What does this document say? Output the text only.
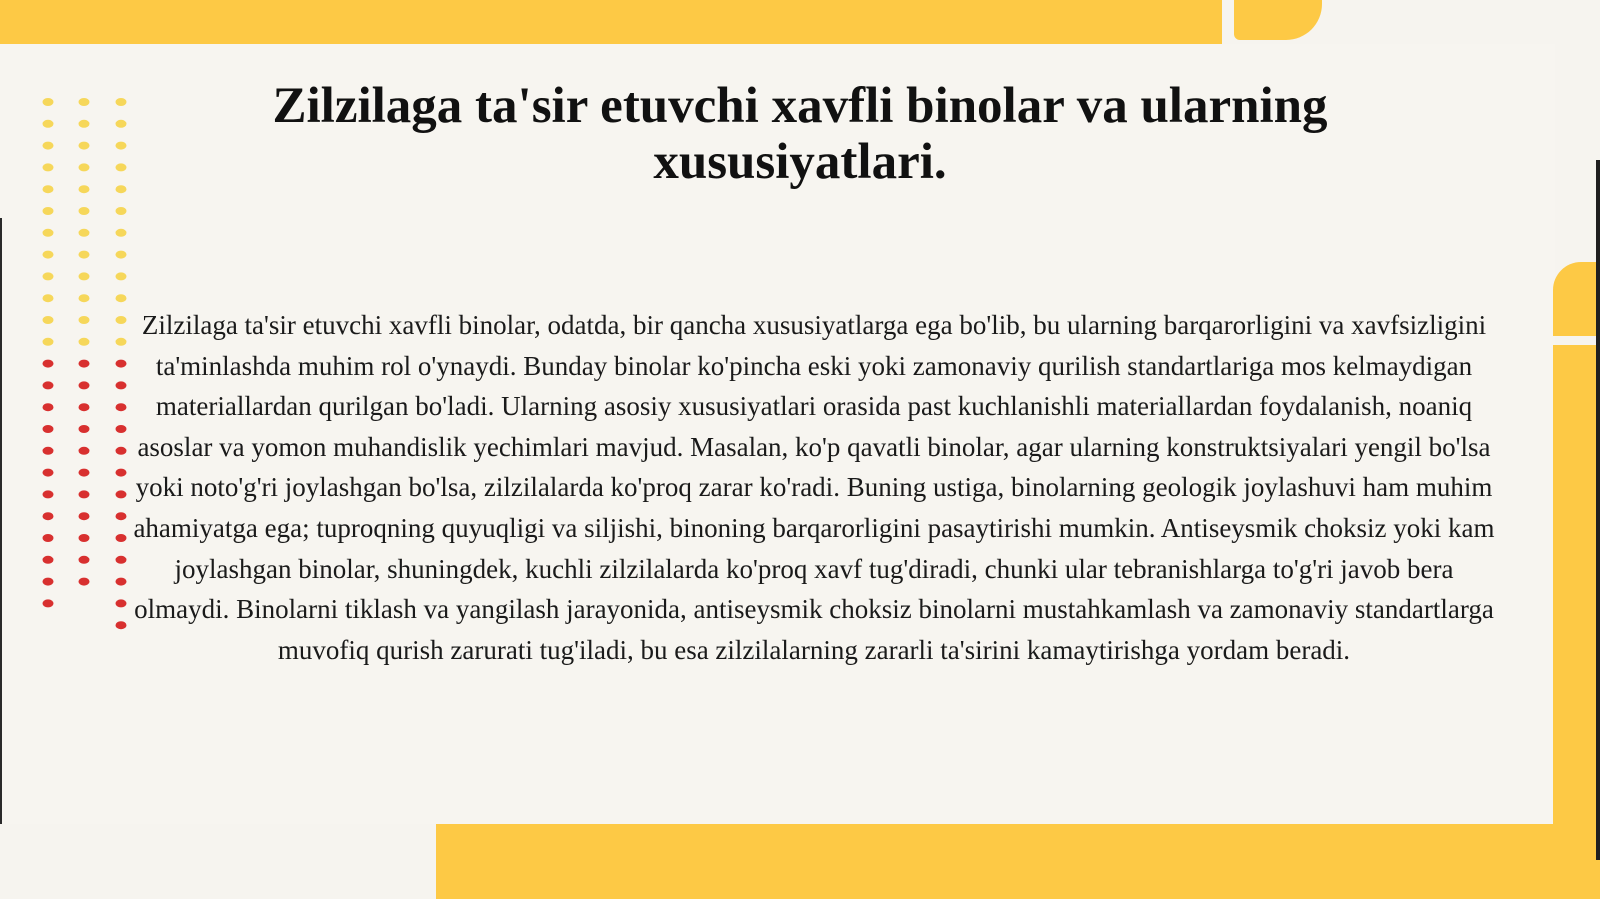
Zilzilaga ta'sir etuvchi xavfli binolar va ularning xususiyatlari.

Zilzilaga ta'sir etuvchi xavfli binolar, odatda, bir qancha xususiyatlarga ega bo'lib, bu ularning barqarorligini va xavfsizligini ta'minlashda muhim rol o'ynaydi. Bunday binolar ko'pincha eski yoki zamonaviy qurilish standartlariga mos kelmaydigan materiallardan qurilgan bo'ladi. Ularning asosiy xususiyatlari orasida past kuchlanishli materiallardan foydalanish, noaniq asoslar va yomon muhandislik yechimlari mavjud. Masalan, ko'p qavatli binolar, agar ularning konstruktsiyalari yengil bo'lsa yoki noto'g'ri joylashgan bo'lsa, zilzilalarda ko'proq zarar ko'radi. Buning ustiga, binolarning geologik joylashuvi ham muhim ahamiyatga ega; tuproqning quyuqligi va siljishi, binoning barqarorligini pasaytirishi mumkin. Antiseysmik choksiz yoki kam joylashgan binolar, shuningdek, kuchli zilzilalarda ko'proq xavf tug'diradi, chunki ular tebranishlarga to'g'ri javob bera olmaydi. Binolarni tiklash va yangilash jarayonida, antiseysmik choksiz binolarni mustahkamlash va zamonaviy standartlarga muvofiq qurish zarurati tug'iladi, bu esa zilzilalarning zararli ta'sirini kamaytirishga yordam beradi.
